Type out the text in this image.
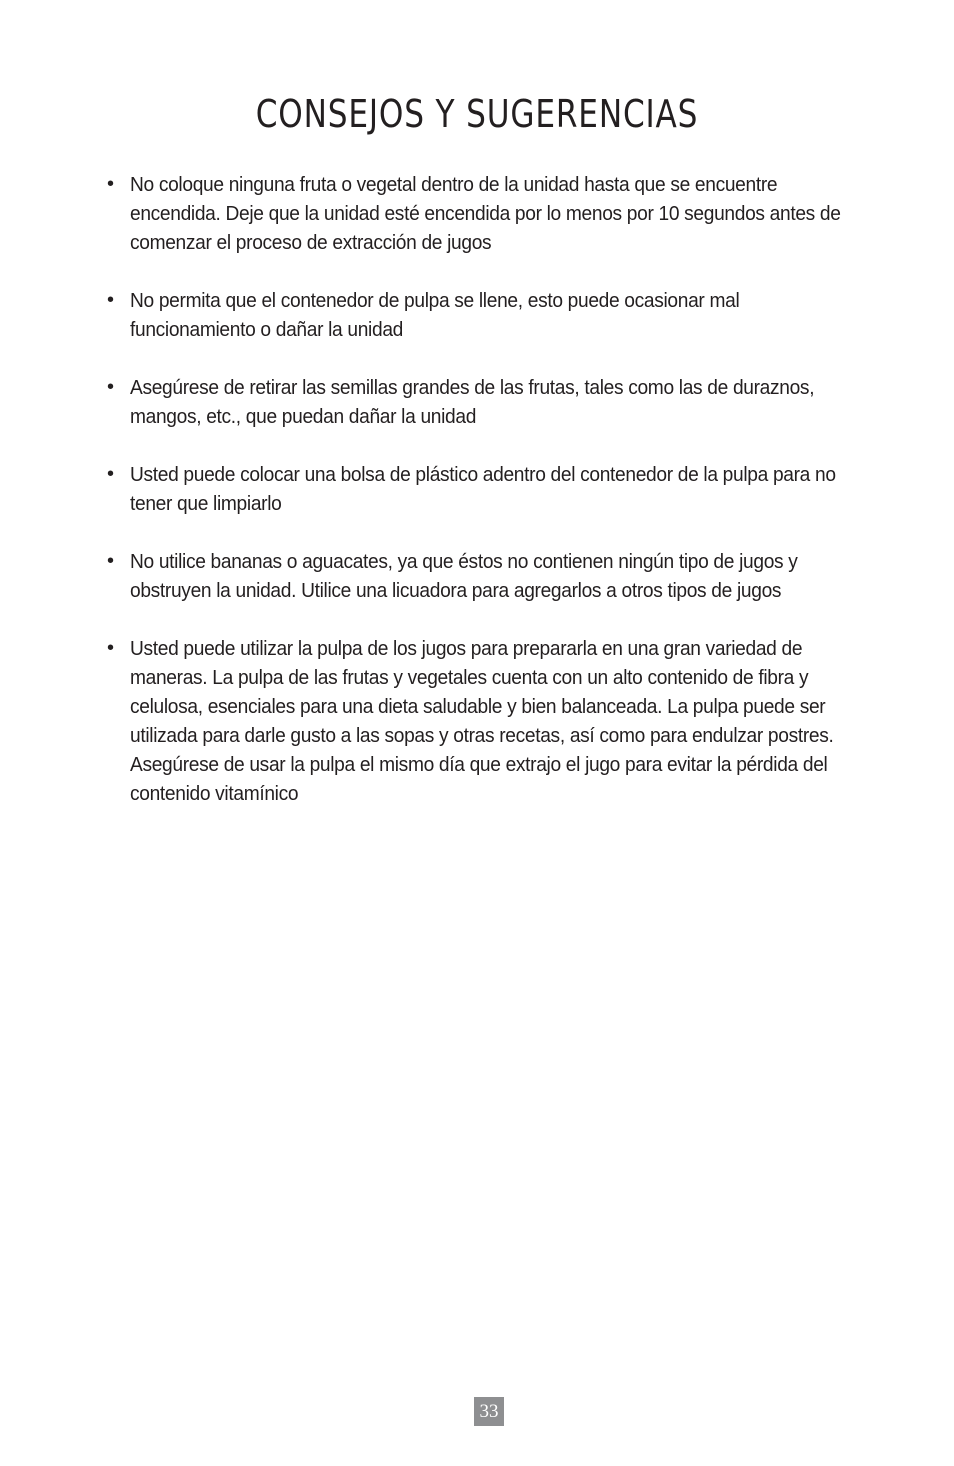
CONSEJOS Y SUGERENCIAS
• No coloque ninguna fruta o vegetal dentro de la unidad hasta que se encuentre encendida. Deje que la unidad esté encendida por lo menos por 10 segundos antes de comenzar el proceso de extracción de jugos
• No permita que el contenedor de pulpa se llene, esto puede ocasionar mal funcionamiento o dañar la unidad
• Asegúrese de retirar las semillas grandes de las frutas, tales como las de duraznos, mangos, etc., que puedan dañar la unidad
• Usted puede colocar una bolsa de plástico adentro del contenedor de la pulpa para no tener que limpiarlo
• No utilice bananas o aguacates, ya que éstos no contienen ningún tipo de jugos y obstruyen la unidad. Utilice una licuadora para agregarlos a otros tipos de jugos
• Usted puede utilizar la pulpa de los jugos para prepararla en una gran variedad de maneras. La pulpa de las frutas y vegetales cuenta con un alto contenido de fibra y celulosa, esenciales para una dieta saludable y bien balanceada. La pulpa puede ser utilizada para darle gusto a las sopas y otras recetas, así como para endulzar postres. Asegúrese de usar la pulpa el mismo día que extrajo el jugo para evitar la pérdida del contenido vitamínico
33
